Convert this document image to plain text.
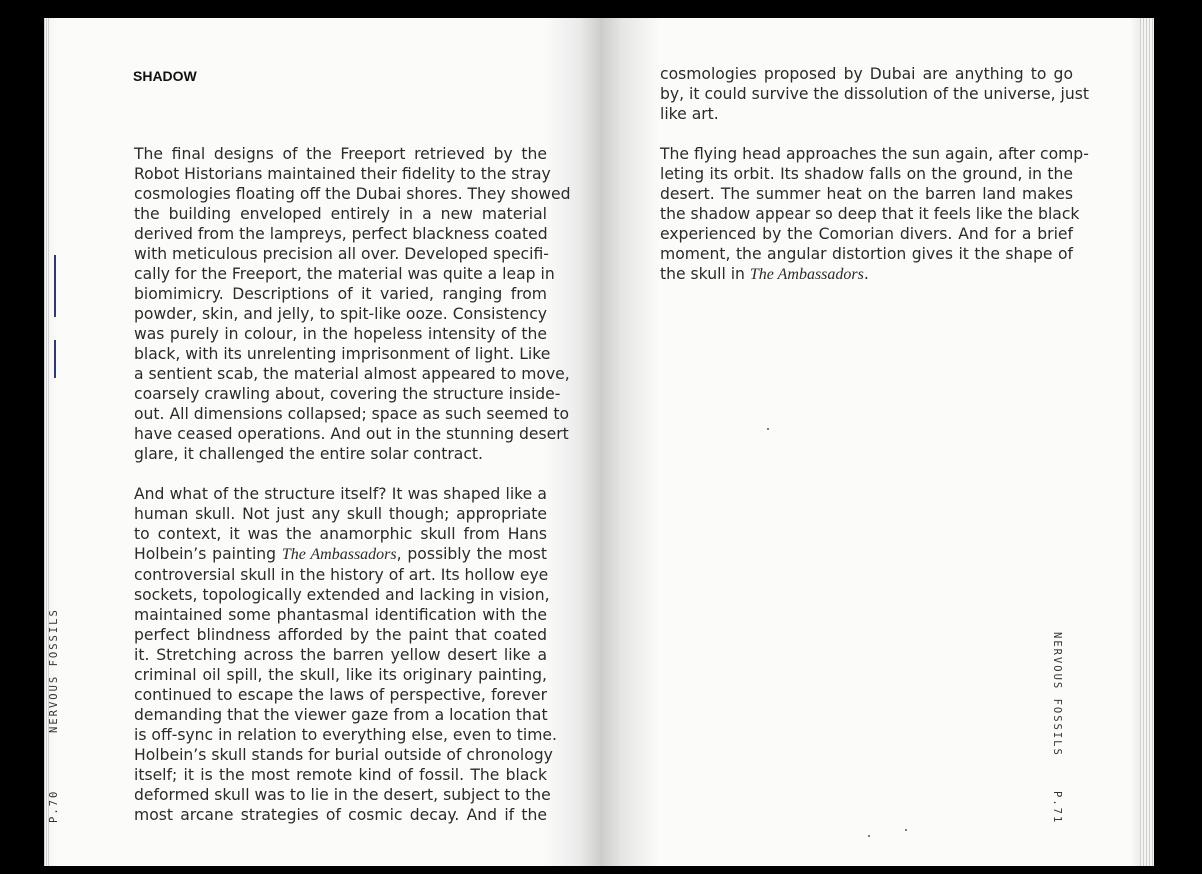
SHADOW
The final designs of the Freeport retrieved by the
Robot Historians maintained their fidelity to the stray
cosmologies floating off the Dubai shores. They showed
the building enveloped entirely in a new material
derived from the lampreys, perfect blackness coated
with meticulous precision all over. Developed specifi-
cally for the Freeport, the material was quite a leap in
biomimicry. Descriptions of it varied, ranging from
powder, skin, and jelly, to spit-like ooze. Consistency
was purely in colour, in the hopeless intensity of the
black, with its unrelenting imprisonment of light. Like
a sentient scab, the material almost appeared to move,
coarsely crawling about, covering the structure inside-
out. All dimensions collapsed; space as such seemed to
have ceased operations. And out in the stunning desert
glare, it challenged the entire solar contract.
And what of the structure itself? It was shaped like a
human skull. Not just any skull though; appropriate
to context, it was the anamorphic skull from Hans
Holbein’s painting The Ambassadors, possibly the most
controversial skull in the history of art. Its hollow eye
sockets, topologically extended and lacking in vision,
maintained some phantasmal identification with the
perfect blindness afforded by the paint that coated
it. Stretching across the barren yellow desert like a
criminal oil spill, the skull, like its originary painting,
continued to escape the laws of perspective, forever
demanding that the viewer gaze from a location that
is off-sync in relation to everything else, even to time.
Holbein’s skull stands for burial outside of chronology
itself; it is the most remote kind of fossil. The black
deformed skull was to lie in the desert, subject to the
most arcane strategies of cosmic decay. And if the
cosmologies proposed by Dubai are anything to go
by, it could survive the dissolution of the universe, just
like art.
The flying head approaches the sun again, after comp-
leting its orbit. Its shadow falls on the ground, in the
desert. The summer heat on the barren land makes
the shadow appear so deep that it feels like the black
experienced by the Comorian divers. And for a brief
moment, the angular distortion gives it the shape of
the skull in The Ambassadors.
NERVOUS FOSSILS
P.70
NERVOUS FOSSILS
P.71
